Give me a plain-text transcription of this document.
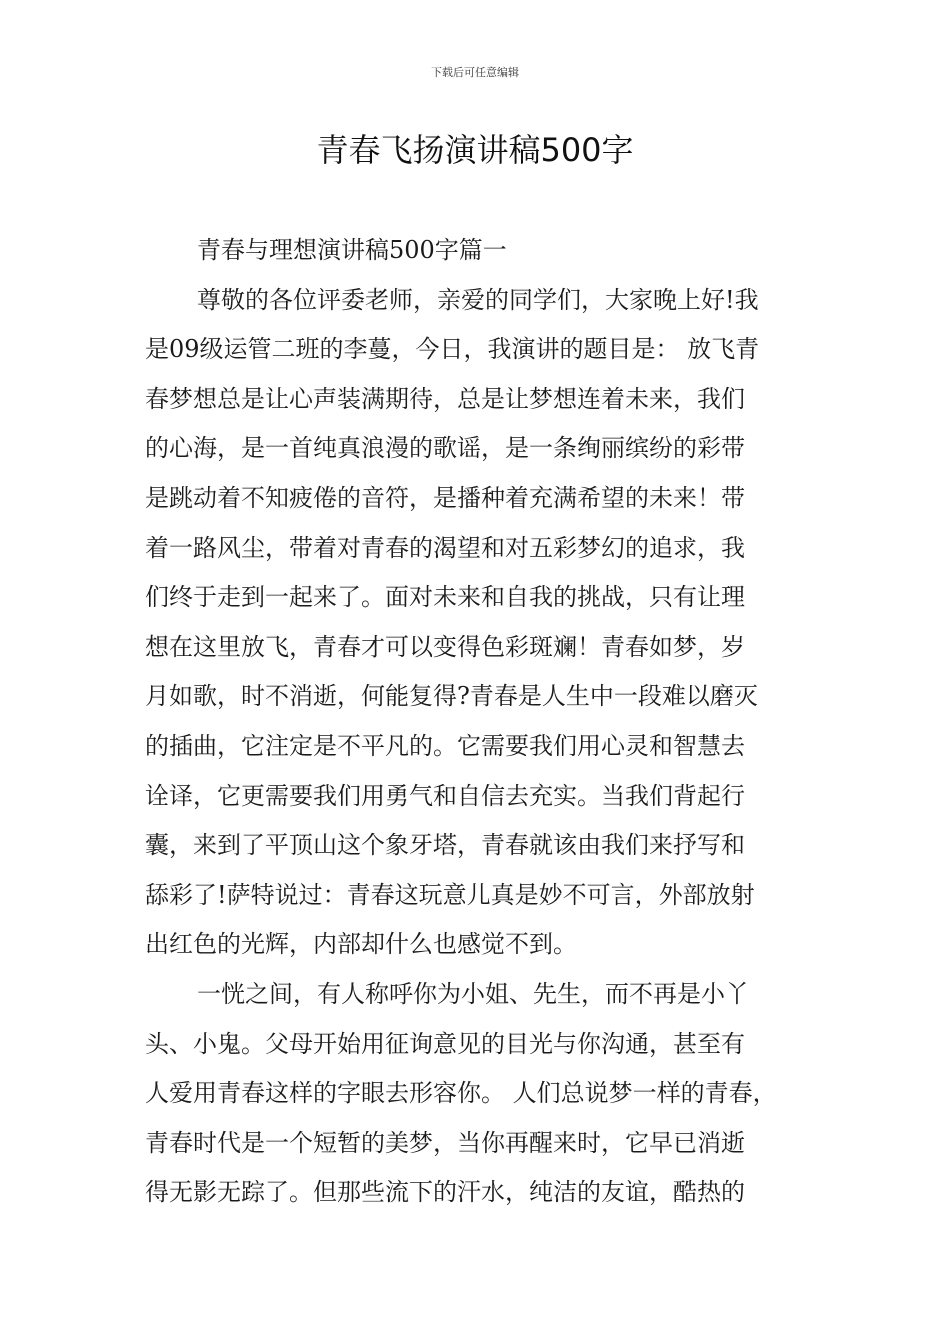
下载后可任意编辑
青春飞扬演讲稿500字
青春与理想演讲稿500字篇一
尊敬的各位评委老师，亲爱的同学们，大家晚上好!我
是09级运管二班的李蔓，今日，我演讲的题目是： 放飞青
春梦想总是让心声装满期待，总是让梦想连着未来，我们
的心海，是一首纯真浪漫的歌谣，是一条绚丽缤纷的彩带
是跳动着不知疲倦的音符，是播种着充满希望的未来！带
着一路风尘，带着对青春的渴望和对五彩梦幻的追求，我
们终于走到一起来了。面对未来和自我的挑战，只有让理
想在这里放飞，青春才可以变得色彩斑斓！青春如梦，岁
月如歌，时不消逝，何能复得?青春是人生中一段难以磨灭
的插曲，它注定是不平凡的。它需要我们用心灵和智慧去
诠译，它更需要我们用勇气和自信去充实。当我们背起行
囊，来到了平顶山这个象牙塔，青春就该由我们来抒写和
舔彩了!萨特说过：青春这玩意儿真是妙不可言，外部放射
出红色的光辉，内部却什么也感觉不到。
一恍之间，有人称呼你为小姐、先生，而不再是小丫
头、小鬼。父母开始用征询意见的目光与你沟通，甚至有
人爱用青春这样的字眼去形容你。 人们总说梦一样的青春，
青春时代是一个短暂的美梦，当你再醒来时，它早已消逝
得无影无踪了。但那些流下的汗水，纯洁的友谊，酷热的
